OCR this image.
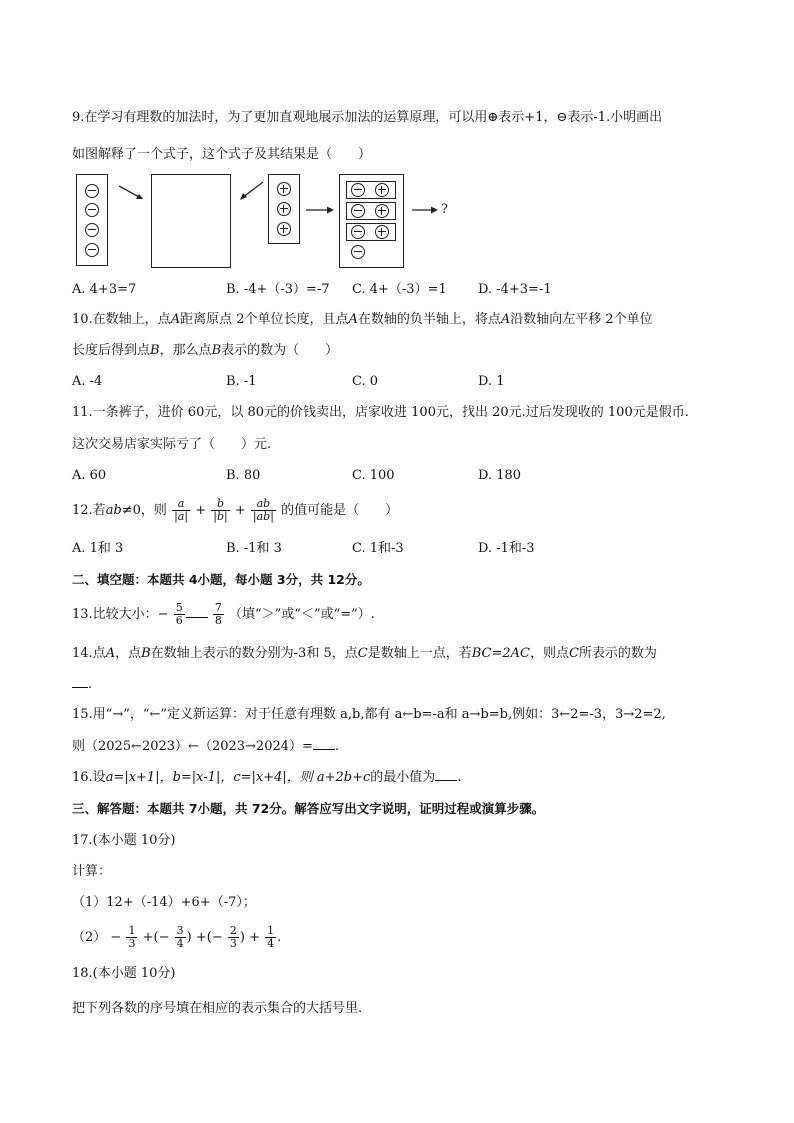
9.在学习有理数的加法时，为了更加直观地展示加法的运算原理，可以用⊕表示+1，⊖表示-1.小明画出
如图解释了一个式子，这个式子及其结果是（　　）
?
A. 4+3=7	B. -4+（-3）=-7 C. 4+（-3）=1 D. -4+3=-1
10.在数轴上，点A距离原点 2个单位长度，且点A在数轴的负半轴上，将点A沿数轴向左平移 2个单位
长度后得到点B，那么点B表示的数为（　　）
A. -4	B. -1	C. 0	D. 1
11.一条裤子，进价 60元，以 80元的价钱卖出，店家收进 100元，找出 20元.过后发现收的 100元是假币.
这次交易店家实际亏了（　　）元.
A. 60	B. 80	C. 100	D. 180
12.若ab≠0，则 $\frac{a}{|a|} + \frac{b}{|b|} + \frac{ab}{|ab|}$ 的值可能是（　　）
A. 1和 3	B. -1和 3	C. 1和-3	D. -1和-3
二、填空题：本题共 4小题，每小题 3分，共 12分。
13.比较大小：− $\frac{5}{6}$
	$\frac{7}{8}$ （填“＞”或“＜”或“=”）.
14.点A，点B在数轴上表示的数分别为-3和 5，点C是数轴上一点，若BC=2AC，则点C所表示的数为
.
15.用“→”，“←”定义新运算：对于任意有理数 a,b,都有 a←b=-a和 a→b=b,例如：3←2=-3，3→2=2,
则（2025←2023）←（2023→2024）= .
16.设a=|x+1|，b=|x-1|，c=|x+4|，则 a+2b+c的最小值为 .
三、解答题：本题共 7小题，共 72分。解答应写出文字说明，证明过程或演算步骤。
17.(本小题 10分)
计算：
（1）12+（-14）+6+（-7）；
$(2) - \frac{1}{3}$ +(− $\frac{3}{4}$ ) +(− $\frac{2}{3}$ ) + $\frac{1}{4}$ .
18.(本小题 10分)
把下列各数的序号填在相应的表示集合的大括号里.
